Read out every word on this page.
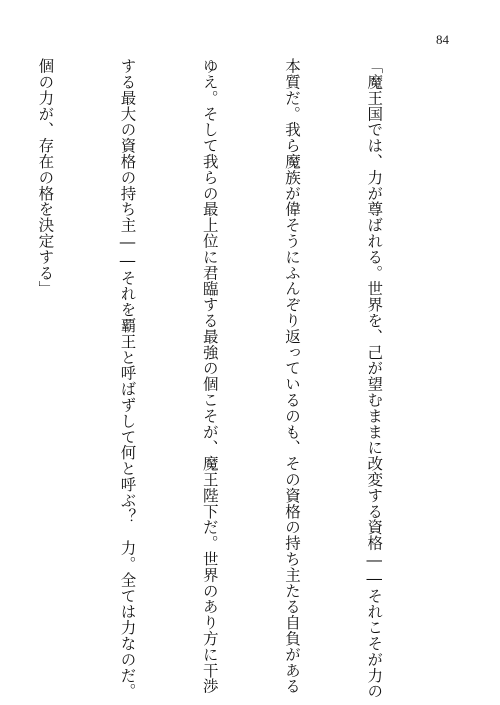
84

「魔王国では、力が尊ばれる。世界を、己が望むままに改変する資格――それこそが力の

本質だ。我ら魔族が偉そうにふんぞり返っているのも、その資格の持ち主たる自負がある

ゆえ。そして我らの最上位に君臨する最強の個こそが、魔王陛下だ。世界のあり方に干渉

する最大の資格の持ち主――それを覇王と呼ばずして何と呼ぶ？　力。全ては力なのだ。

個の力が、存在の格を決定する」
